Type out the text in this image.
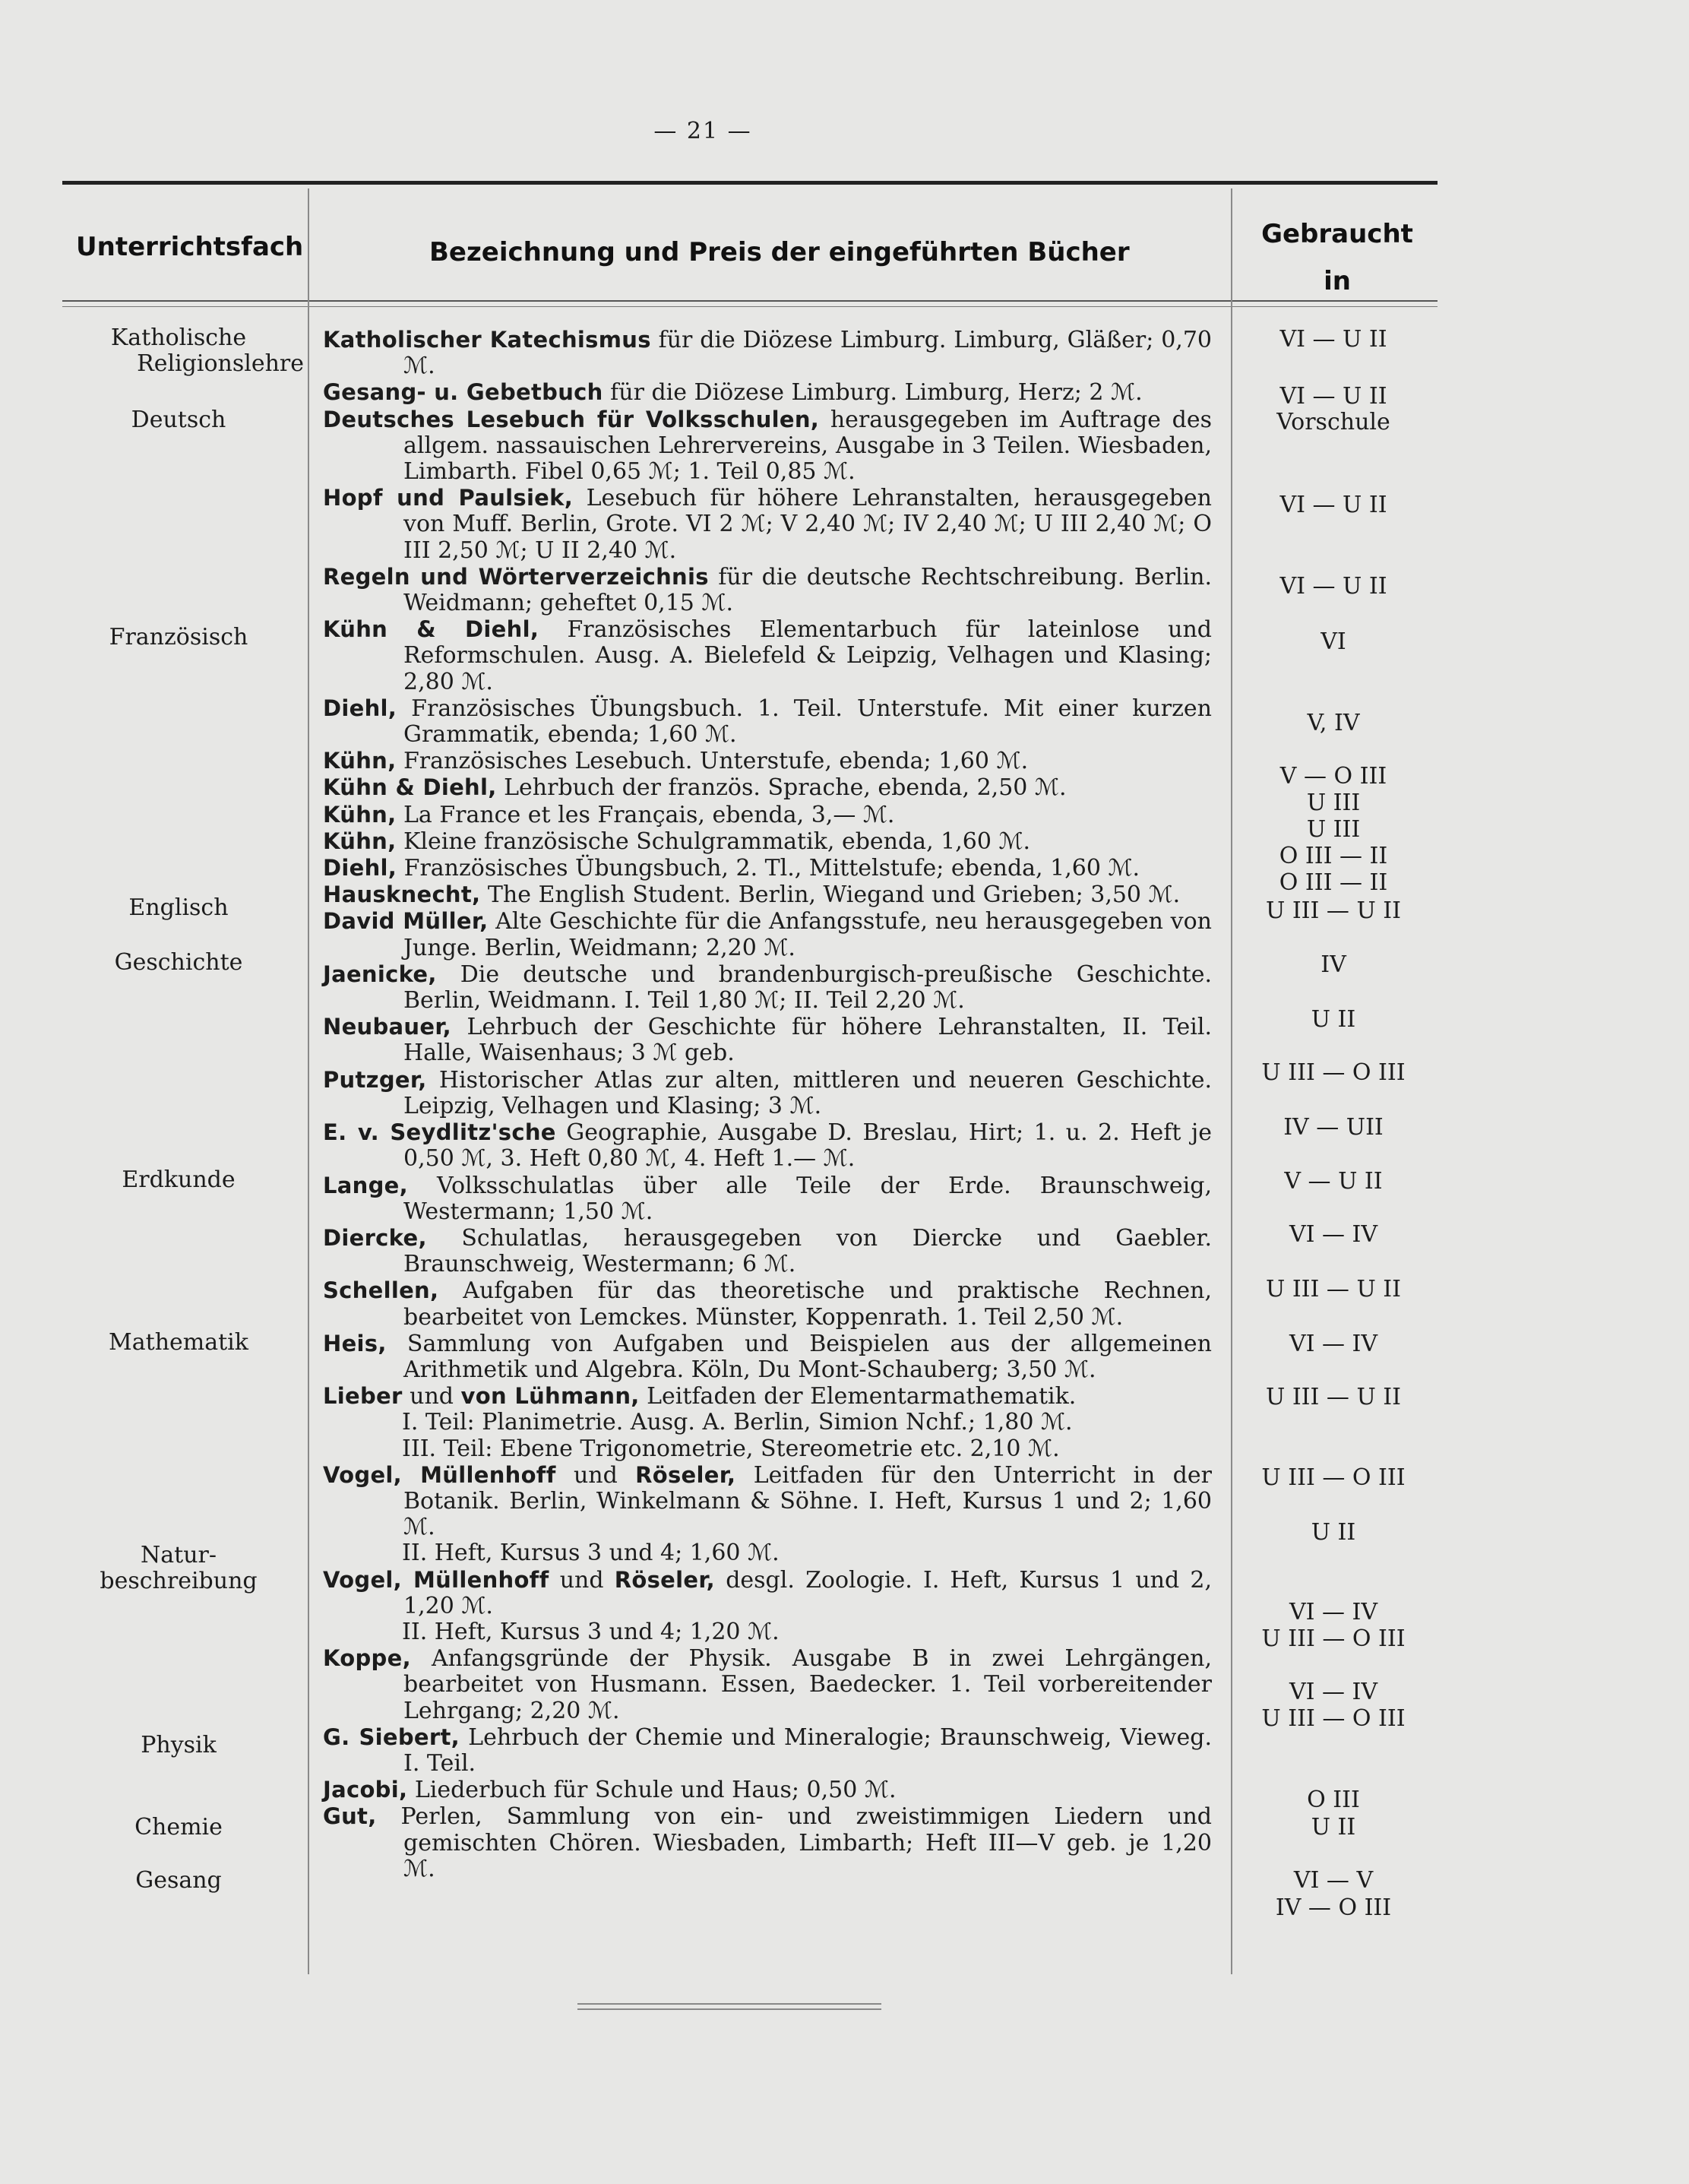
— 21 —
Unterrichtsfach	Bezeichnung und Preis der eingeführten Bücher
Gebraucht
in
Katholische
Religionslehre
Deutsch
Französisch
Englisch
Geschichte
Erdkunde
Mathematik
Natur-
beschreibung
Physik
Chemie
Gesang

Katholischer Katechismus für die Diözese Limburg. Limburg, Gläßer; 0,70 ℳ.

Gesang- u. Gebetbuch für die Diözese Limburg. Limburg, Herz; 2 ℳ.

Deutsches Lesebuch für Volksschulen, herausgegeben im Auftrage des allgem. nassauischen Lehrervereins, Ausgabe in 3 Teilen. Wiesbaden, Limbarth. Fibel 0,65 ℳ; 1. Teil 0,85 ℳ.

Hopf und Paulsiek, Lesebuch für höhere Lehranstalten, herausgegeben von Muff. Berlin, Grote. VI 2 ℳ; V 2,40 ℳ; IV 2,40 ℳ; U III 2,40 ℳ; O III 2,50 ℳ; U II 2,40 ℳ.

Regeln und Wörterverzeichnis für die deutsche Rechtschreibung. Berlin. Weidmann; geheftet 0,15 ℳ.

Kühn & Diehl, Französisches Elementarbuch für lateinlose und Reformschulen. Ausg. A. Bielefeld & Leipzig, Velhagen und Klasing; 2,80 ℳ.

Diehl, Französisches Übungsbuch. 1. Teil. Unterstufe. Mit einer kurzen Grammatik, ebenda; 1,60 ℳ.

Kühn, Französisches Lesebuch. Unterstufe, ebenda; 1,60 ℳ.

Kühn & Diehl, Lehrbuch der französ. Sprache, ebenda, 2,50 ℳ.

Kühn, La France et les Français, ebenda, 3,— ℳ.

Kühn, Kleine französische Schulgrammatik, ebenda, 1,60 ℳ.

Diehl, Französisches Übungsbuch, 2. Tl., Mittelstufe; ebenda, 1,60 ℳ.

Hausknecht, The English Student. Berlin, Wiegand und Grieben; 3,50 ℳ.

David Müller, Alte Geschichte für die Anfangsstufe, neu herausgegeben von Junge. Berlin, Weidmann; 2,20 ℳ.

Jaenicke, Die deutsche und brandenburgisch-preußische Geschichte. Berlin, Weidmann. I. Teil 1,80 ℳ; II. Teil 2,20 ℳ.

Neubauer, Lehrbuch der Geschichte für höhere Lehranstalten, II. Teil. Halle, Waisenhaus; 3 ℳ geb.

Putzger, Historischer Atlas zur alten, mittleren und neueren Geschichte. Leipzig, Velhagen und Klasing; 3 ℳ.

E. v. Seydlitz'sche Geographie, Ausgabe D. Breslau, Hirt; 1. u. 2. Heft je 0,50 ℳ, 3. Heft 0,80 ℳ, 4. Heft 1.— ℳ.

Lange, Volksschulatlas über alle Teile der Erde. Braunschweig, Westermann; 1,50 ℳ.

Diercke, Schulatlas, herausgegeben von Diercke und Gaebler. Braunschweig, Westermann; 6 ℳ.

Schellen, Aufgaben für das theoretische und praktische Rechnen, bearbeitet von Lemckes. Münster, Koppenrath. 1. Teil 2,50 ℳ.

Heis, Sammlung von Aufgaben und Beispielen aus der allgemeinen Arithmetik und Algebra. Köln, Du Mont-Schauberg; 3,50 ℳ.

Lieber und von Lühmann, Leitfaden der Elementarmathematik.

I. Teil: Planimetrie. Ausg. A. Berlin, Simion Nchf.; 1,80 ℳ.

III. Teil: Ebene Trigonometrie, Stereometrie etc. 2,10 ℳ.

Vogel, Müllenhoff und Röseler, Leitfaden für den Unterricht in der Botanik. Berlin, Winkelmann & Söhne. I. Heft, Kursus 1 und 2; 1,60 ℳ.

II. Heft, Kursus 3 und 4; 1,60 ℳ.

Vogel, Müllenhoff und Röseler, desgl. Zoologie. I. Heft, Kursus 1 und 2, 1,20 ℳ.

II. Heft, Kursus 3 und 4; 1,20 ℳ.

Koppe, Anfangsgründe der Physik. Ausgabe B in zwei Lehrgängen, bearbeitet von Husmann. Essen, Baedecker. 1. Teil vorbereitender Lehrgang; 2,20 ℳ.

G. Siebert, Lehrbuch der Chemie und Mineralogie; Braunschweig, Vieweg. I. Teil.

Jacobi, Liederbuch für Schule und Haus; 0,50 ℳ.

Gut, Perlen, Sammlung von ein- und zweistimmigen Liedern und gemischten Chören. Wiesbaden, Limbarth; Heft III—V geb. je 1,20 ℳ.

VI — U II
VI — U II
Vorschule
VI — U II
VI — U II
VI
V, IV
V — O III
U III
U III
O III — II
O III — II
U III — U II
IV
U II
U III — O III
IV — UII
V — U II
VI — IV
U III — U II
VI — IV
U III — U II
U III — O III
U II
VI — IV
U III — O III
VI — IV
U III — O III
O III
U II
VI — V
IV — O III
